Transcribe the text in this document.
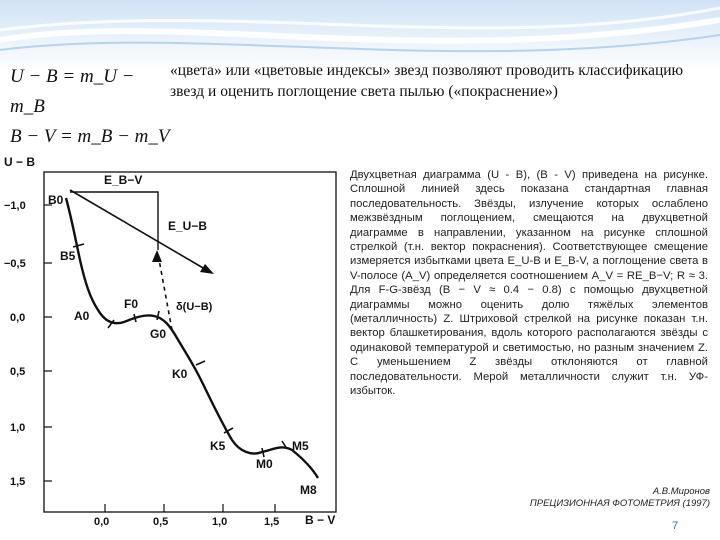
U − B = m_U − m_B
B − V = m_B − m_V
«цвета» или «цветовые индексы» звезд позволяют проводить классификацию звезд и оценить поглощение света пылью («покраснение»)
U − B
B − V
−1,0
−0,5
0,0
0,5
1,0
1,5
0,0	0,5	1,0	1,5
E_B−V
E_U−B
δ(U−B)
B0
B5
A0
F0
G0
K0
K5
M0
M5
M8
Двухцветная диаграмма (U - B), (B - V) приведена на рисунке. Сплошной линией здесь показана стандартная главная последовательность. Звёзды, излучение которых ослаблено межзвёздным поглощением, смещаются на двухцветной диаграмме в направлении, указанном на рисунке сплошной стрелкой (т.н. вектор покраснения). Соответствующее смещение измеряется избытками цвета E_U-B и E_B-V, а поглощение света в V-полосе (A_V) определяется соотношением A_V = RE_B−V; R ≈ 3. Для F-G-звёзд (B − V ≈ 0.4 − 0.8) с помощью двухцветной диаграммы можно оценить долю тяжёлых элементов (металличность) Z. Штриховой стрелкой на рисунке показан т.н. вектор блашкетирования, вдоль которого располагаются звёзды с одинаковой температурой и светимостью, но разным значением Z. С уменьшением Z звёзды отклоняются от главной последовательности. Мерой металличности служит т.н. УФ-избыток.
А.В.Миронов
ПРЕЦИЗИОННАЯ ФОТОМЕТРИЯ (1997)
7
